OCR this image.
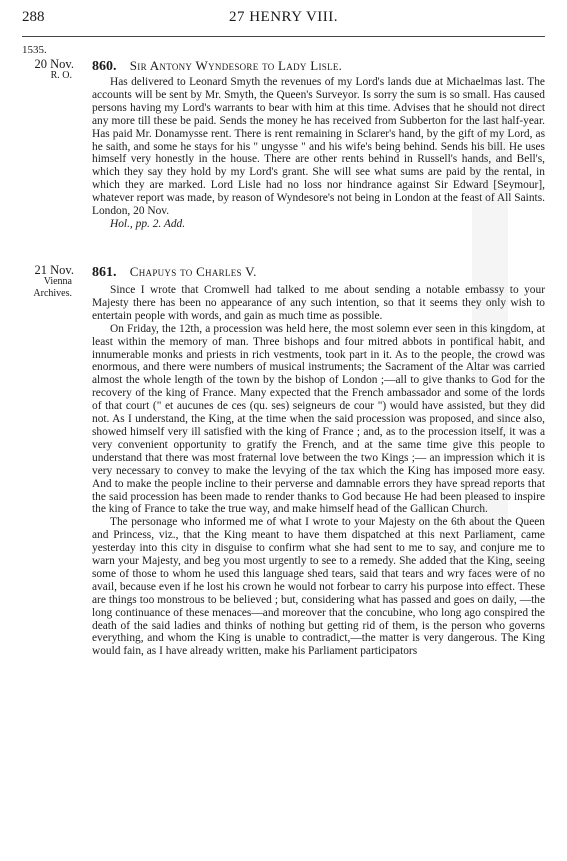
288	27 HENRY VIII.
1535.
20 Nov.
R. O.
860. Sir Antony Wyndesore to Lady Lisle.

Has delivered to Leonard Smyth the revenues of my Lord's lands due at Michaelmas last. The accounts will be sent by Mr. Smyth, the Queen's Surveyor. Is sorry the sum is so small. Has caused persons having my Lord's warrants to bear with him at this time. Advises that he should not direct any more till these be paid. Sends the money he has received from Subberton for the last half-year. Has paid Mr. Donamysse rent. There is rent remaining in Sclarer's hand, by the gift of my Lord, as he saith, and some he stays for his " ungysse " and his wife's being behind. Sends his bill. He uses himself very honestly in the house. There are other rents behind in Russell's hands, and Bell's, which they say they hold by my Lord's grant. She will see what sums are paid by the rental, in which they are marked. Lord Lisle had no loss nor hindrance against Sir Edward [Seymour], whatever report was made, by reason of Wyndesore's not being in London at the feast of All Saints. London, 20 Nov.

Hol., pp. 2. Add.

21 Nov.
Vienna Archives.
861. Chapuys to Charles V.

Since I wrote that Cromwell had talked to me about sending a notable embassy to your Majesty there has been no appearance of any such intention, so that it seems they only wish to entertain people with words, and gain as much time as possible.

On Friday, the 12th, a procession was held here, the most solemn ever seen in this kingdom, at least within the memory of man. Three bishops and four mitred abbots in pontifical habit, and innumerable monks and priests in rich vestments, took part in it. As to the people, the crowd was enormous, and there were numbers of musical instruments; the Sacrament of the Altar was carried almost the whole length of the town by the bishop of London ;—all to give thanks to God for the recovery of the king of France. Many expected that the French ambassador and some of the lords of that court (" et aucunes de ces (qu. ses) seigneurs de cour ") would have assisted, but they did not. As I understand, the King, at the time when the said procession was proposed, and since also, showed himself very ill satisfied with the king of France ; and, as to the procession itself, it was a very convenient opportunity to gratify the French, and at the same time give this people to understand that there was most fraternal love between the two Kings ;— an impression which it is very necessary to convey to make the levying of the tax which the King has imposed more easy. And to make the people incline to their perverse and damnable errors they have spread reports that the said procession has been made to render thanks to God because He had been pleased to inspire the king of France to take the true way, and make himself head of the Gallican Church.

The personage who informed me of what I wrote to your Majesty on the 6th about the Queen and Princess, viz., that the King meant to have them dispatched at this next Parliament, came yesterday into this city in disguise to confirm what she had sent to me to say, and conjure me to warn your Majesty, and beg you most urgently to see to a remedy. She added that the King, seeing some of those to whom he used this language shed tears, said that tears and wry faces were of no avail, because even if he lost his crown he would not forbear to carry his purpose into effect. These are things too monstrous to be believed ; but, considering what has passed and goes on daily, —the long continuance of these menaces—and moreover that the concubine, who long ago conspired the death of the said ladies and thinks of nothing but getting rid of them, is the person who governs everything, and whom the King is unable to contradict,—the matter is very dangerous. The King would fain, as I have already written, make his Parliament participators
